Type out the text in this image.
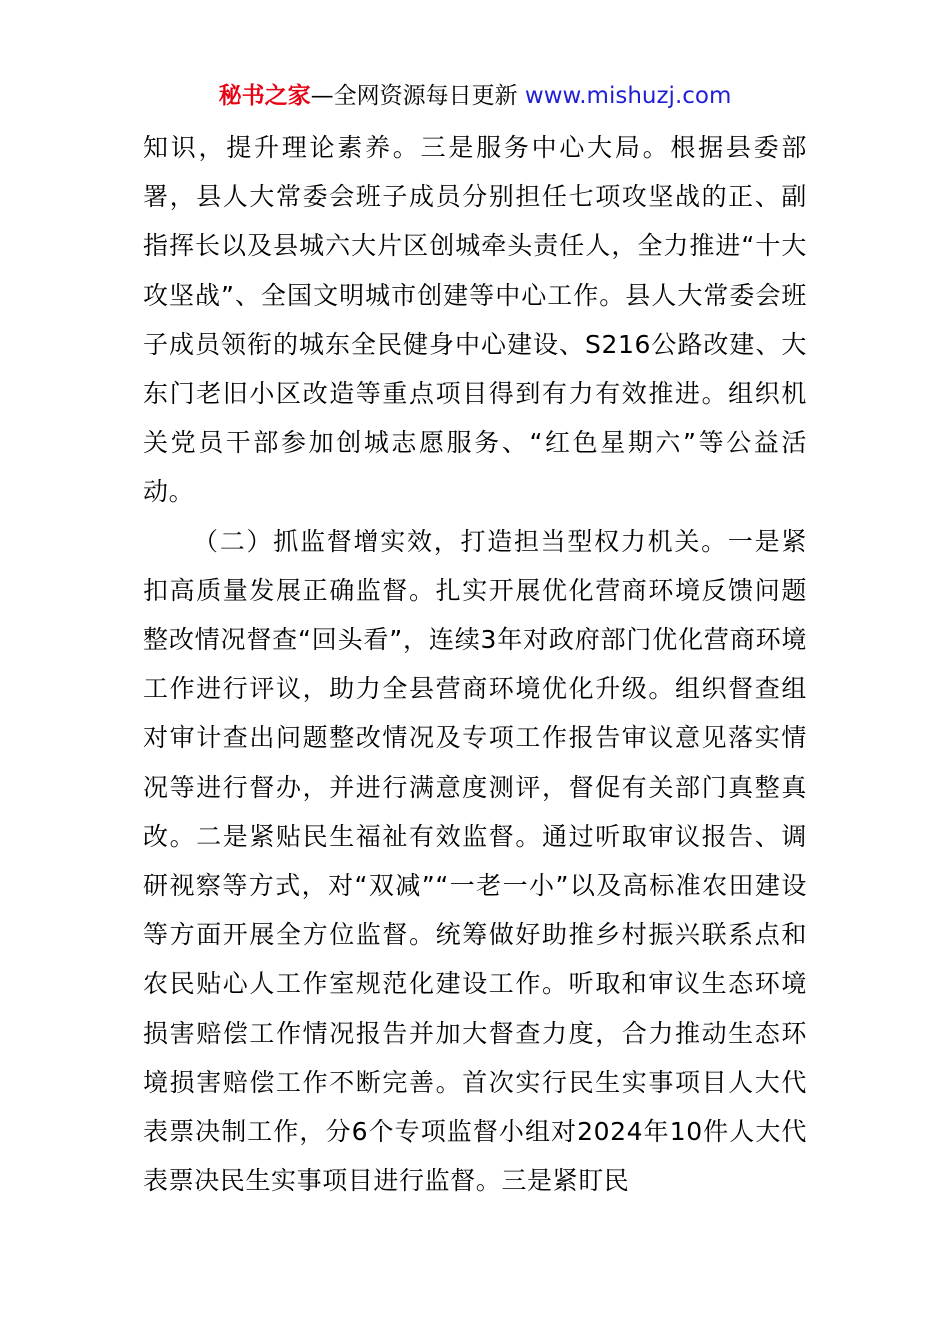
秘书之家—全网资源每日更新 www.mishuzj.com

知识，提升理论素养。三是服务中心大局。根据县委部署，县人大常委会班子成员分别担任七项攻坚战的正、副指挥长以及县城六大片区创城牵头责任人，全力推进“十大攻坚战”、全国文明城市创建等中心工作。县人大常委会班子成员领衔的城东全民健身中心建设、S216公路改建、大东门老旧小区改造等重点项目得到有力有效推进。组织机关党员干部参加创城志愿服务、“红色星期六”等公益活动。

（二）抓监督增实效，打造担当型权力机关。一是紧扣高质量发展正确监督。扎实开展优化营商环境反馈问题整改情况督查“回头看”，连续3年对政府部门优化营商环境工作进行评议，助力全县营商环境优化升级。组织督查组对审计查出问题整改情况及专项工作报告审议意见落实情况等进行督办，并进行满意度测评，督促有关部门真整真改。二是紧贴民生福祉有效监督。通过听取审议报告、调研视察等方式，对“双减”“一老一小”以及高标准农田建设等方面开展全方位监督。统筹做好助推乡村振兴联系点和农民贴心人工作室规范化建设工作。听取和审议生态环境损害赔偿工作情况报告并加大督查力度，合力推动生态环境损害赔偿工作不断完善。首次实行民生实事项目人大代表票决制工作，分6个专项监督小组对2024年10件人大代表票决民生实事项目进行监督。三是紧盯民
